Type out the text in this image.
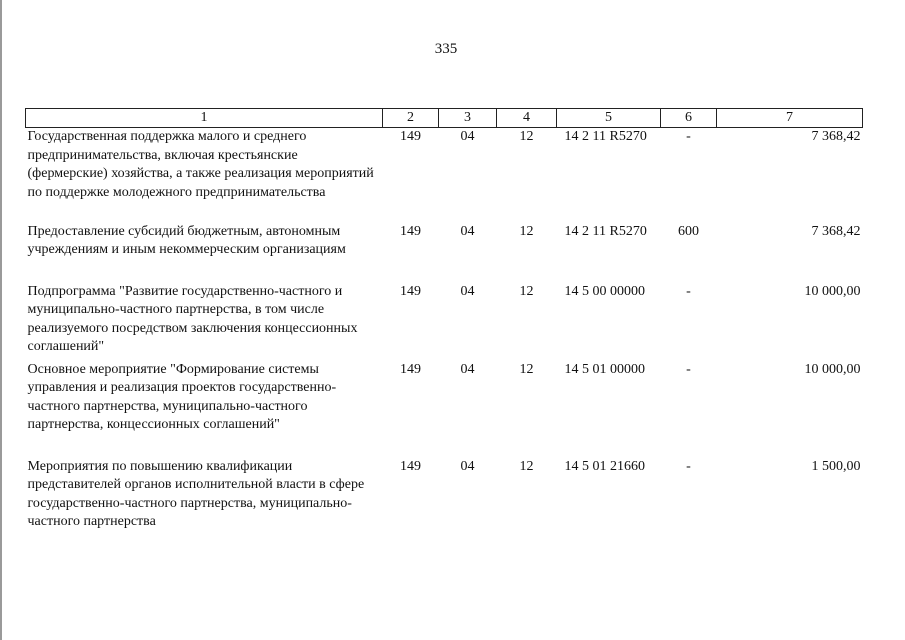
335
1	2	3	4	5	6	7
Государственная поддержка малого и среднего предпринимательства, включая крестьянские (фермерские) хозяйства, а также реализация мероприятий по поддержке молодежного предпринимательства	149	04	12	14 2 11 R5270	-	7 368,42
Предоставление субсидий бюджетным, автономным учреждениям и иным некоммерческим организациям	149	04	12	14 2 11 R5270	600	7 368,42
Подпрограмма "Развитие государственно-частного и муниципально-частного партнерства, в том числе реализуемого посредством заключения концессионных соглашений"	149	04	12	14 5 00 00000	-	10 000,00
Основное мероприятие "Формирование системы управления и реализация проектов государственно-частного партнерства, муниципально-частного партнерства, концессионных соглашений"	149	04	12	14 5 01 00000	-	10 000,00
Мероприятия по повышению квалификации представителей органов исполнительной власти в сфере государственно-частного партнерства, муниципально-частного партнерства	149	04	12	14 5 01 21660	-	1 500,00
